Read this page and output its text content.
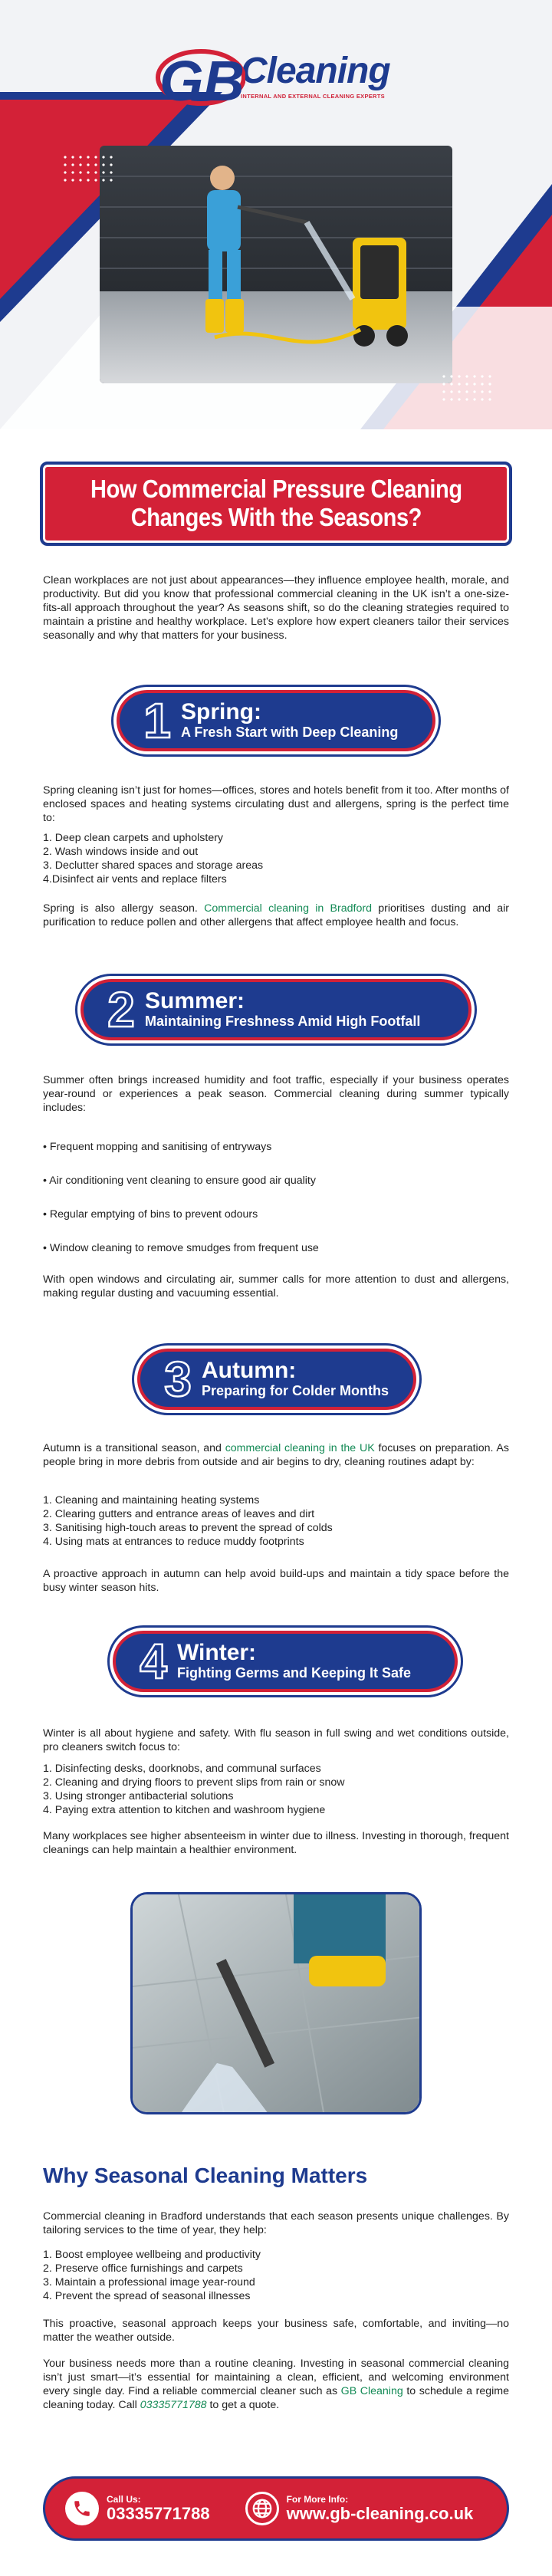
GB
Cleaning
INTERNAL AND EXTERNAL CLEANING EXPERTS
How Commercial Pressure Cleaning
Changes With the Seasons?

Clean workplaces are not just about appearances—they influence employee health, morale, and productivity. But did you know that professional commercial cleaning in the UK isn’t a one-size-fits-all approach throughout the year? As seasons shift, so do the cleaning strategies required to maintain a pristine and healthy workplace. Let’s explore how expert cleaners tailor their services seasonally and why that matters for your business.

1 Spring:
A Fresh Start with Deep Cleaning

Spring cleaning isn’t just for homes—offices, stores and hotels benefit from it too. After months of enclosed spaces and heating systems circulating dust and allergens, spring is the perfect time to:

1. Deep clean carpets and upholstery
2. Wash windows inside and out
3. Declutter shared spaces and storage areas
4.Disinfect air vents and replace filters

Spring is also allergy season. Commercial cleaning in Bradford prioritises dusting and air purification to reduce pollen and other allergens that affect employee health and focus.

2 Summer:
Maintaining Freshness Amid High Footfall

Summer often brings increased humidity and foot traffic, especially if your business operates year-round or experiences a peak season. Commercial cleaning during summer typically includes:

• Frequent mopping and sanitising of entryways
• Air conditioning vent cleaning to ensure good air quality
• Regular emptying of bins to prevent odours
• Window cleaning to remove smudges from frequent use

With open windows and circulating air, summer calls for more attention to dust and allergens, making regular dusting and vacuuming essential.

3 Autumn:
Preparing for Colder Months

Autumn is a transitional season, and commercial cleaning in the UK focuses on preparation. As people bring in more debris from outside and air begins to dry, cleaning routines adapt by:

1. Cleaning and maintaining heating systems
2. Clearing gutters and entrance areas of leaves and dirt
3. Sanitising high-touch areas to prevent the spread of colds
4. Using mats at entrances to reduce muddy footprints

A proactive approach in autumn can help avoid build-ups and maintain a tidy space before the busy winter season hits.

4 Winter:
Fighting Germs and Keeping It Safe

Winter is all about hygiene and safety. With flu season in full swing and wet conditions outside, pro cleaners switch focus to:

1. Disinfecting desks, doorknobs, and communal surfaces
2. Cleaning and drying floors to prevent slips from rain or snow
3. Using stronger antibacterial solutions
4. Paying extra attention to kitchen and washroom hygiene

Many workplaces see higher absenteeism in winter due to illness. Investing in thorough, frequent cleanings can help maintain a healthier environment.

Why Seasonal Cleaning Matters

Commercial cleaning in Bradford understands that each season presents unique challenges. By tailoring services to the time of year, they help:

1. Boost employee wellbeing and productivity
2. Preserve office furnishings and carpets
3. Maintain a professional image year-round
4. Prevent the spread of seasonal illnesses

This proactive, seasonal approach keeps your business safe, comfortable, and inviting—no matter the weather outside.

Your business needs more than a routine cleaning. Investing in seasonal commercial cleaning isn’t just smart—it’s essential for maintaining a clean, efficient, and welcoming environment every single day. Find a reliable commercial cleaner such as GB Cleaning to schedule a regime cleaning today. Call 03335771788 to get a quote.

Call Us:
03335771788
For More Info:
www.gb-cleaning.co.uk
